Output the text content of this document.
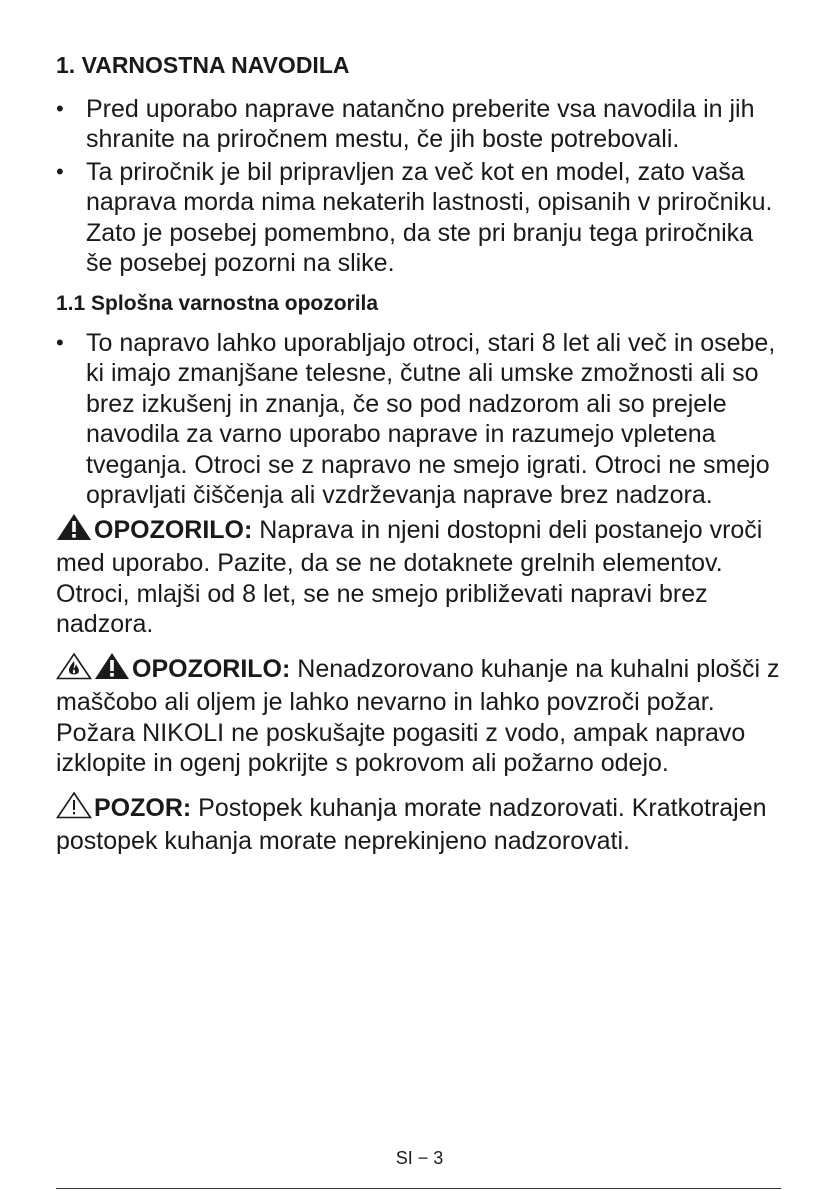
1. VARNOSTNA NAVODILA
• Pred uporabo naprave natančno preberite vsa navodila in jih shranite na priročnem mestu, če jih boste potrebovali.
• Ta priročnik je bil pripravljen za več kot en model, zato vaša naprava morda nima nekaterih lastnosti, opisanih v priročniku. Zato je posebej pomembno, da ste pri branju tega priročnika še posebej pozorni na slike.
1.1 Splošna varnostna opozorila
• To napravo lahko uporabljajo otroci, stari 8 let ali več in osebe, ki imajo zmanjšane telesne, čutne ali umske zmožnosti ali so brez izkušenj in znanja, če so pod nadzorom ali so prejele navodila za varno uporabo naprave in razumejo vpletena tveganja. Otroci se z napravo ne smejo igrati. Otroci ne smejo opravljati čiščenja ali vzdrževanja naprave brez nadzora.

OPOZORILO: Naprava in njeni dostopni deli postanejo vroči med uporabo. Pazite, da se ne dotaknete grelnih elementov. Otroci, mlajši od 8 let, se ne smejo približevati napravi brez nadzora.

OPOZORILO: Nenadzorovano kuhanje na kuhalni plošči z maščobo ali oljem je lahko nevarno in lahko povzroči požar. Požara NIKOLI ne poskušajte pogasiti z vodo, ampak napravo izklopite in ogenj pokrijte s pokrovom ali požarno odejo.

POZOR: Postopek kuhanja morate nadzorovati. Kratkotrajen postopek kuhanja morate neprekinjeno nadzorovati.

SI − 3
